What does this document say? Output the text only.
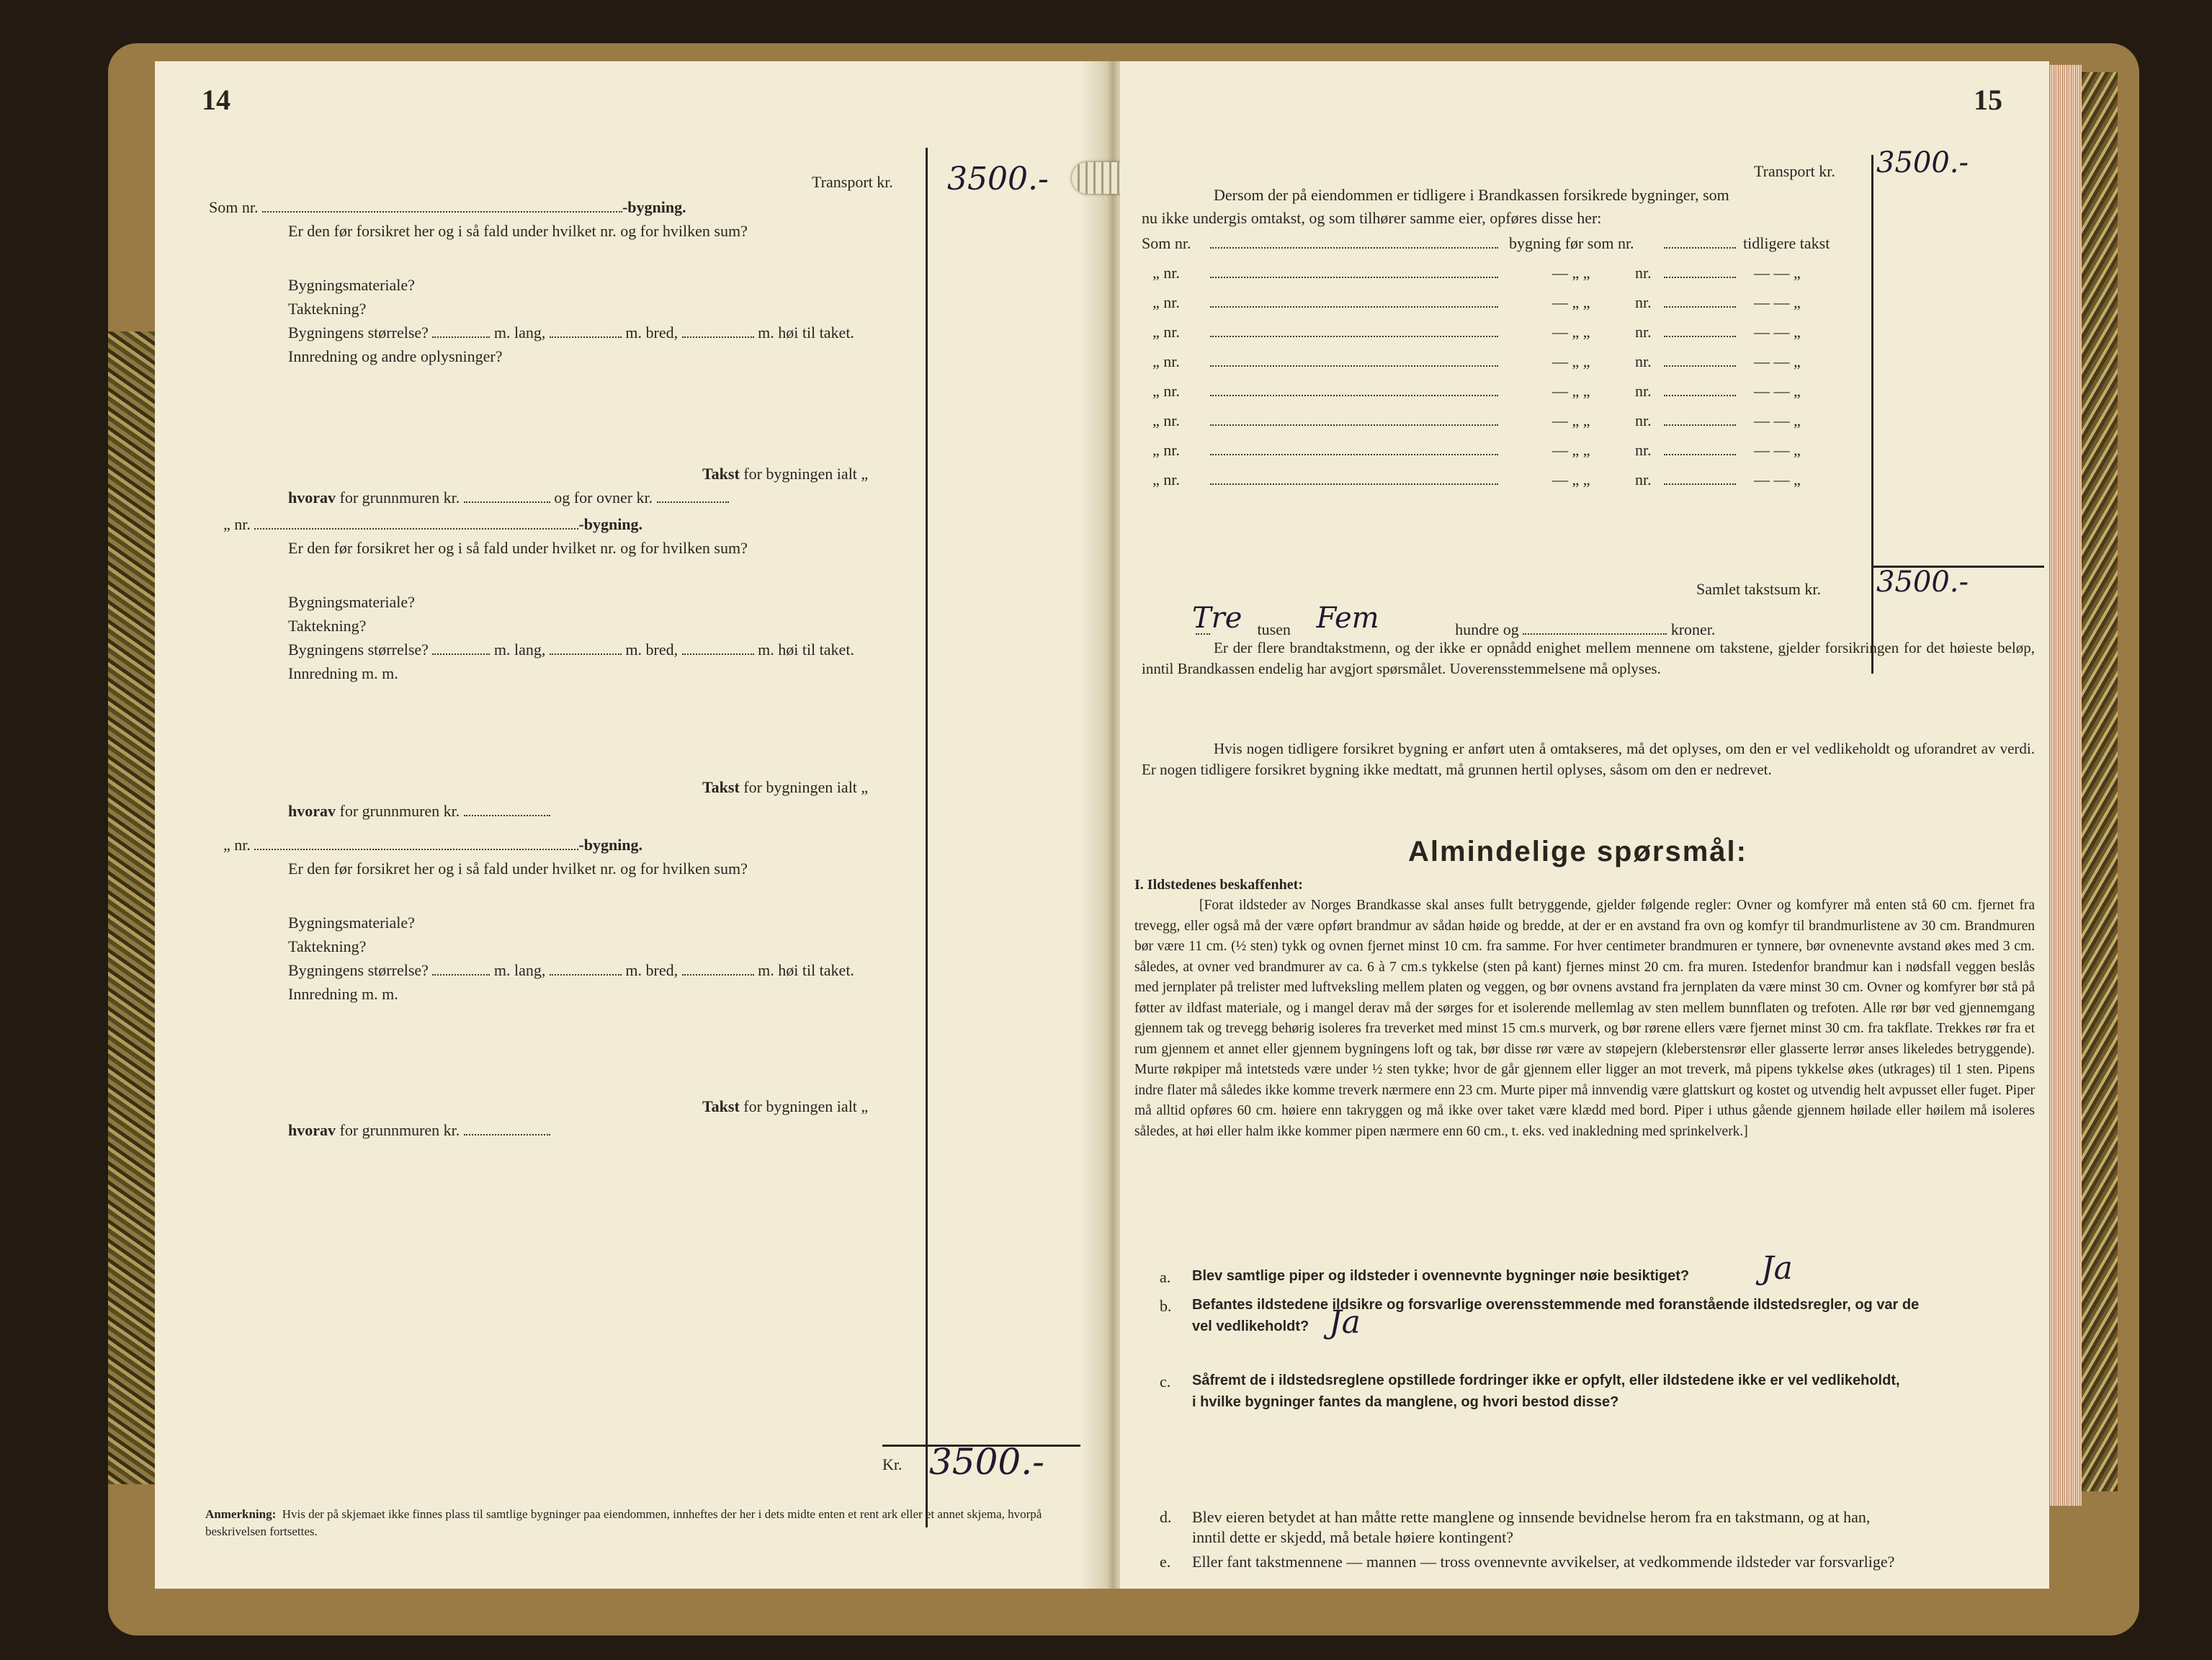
14
Transport kr. 3500.-
Som nr.	-bygning.
Er den før forsikret her og i så fald under hvilket nr. og for hvilken sum?
Bygningsmateriale?
Taktekning?
Bygningens størrelse?	m. lang,	m. bred,	m. høi til taket.
Innredning og andre oplysninger?
Takst for bygningen ialt „
hvorav for grunnmuren kr.	og for ovner kr.
„ nr.	-bygning.
Er den før forsikret her og i så fald under hvilket nr. og for hvilken sum?
Bygningsmateriale?
Taktekning?
Bygningens størrelse?	m. lang,	m. bred,	m. høi til taket.
Innredning m. m.
Takst for bygningen ialt „
hvorav for grunnmuren kr.
„ nr.	-bygning.
Er den før forsikret her og i så fald under hvilket nr. og for hvilken sum?
Bygningsmateriale?
Taktekning?
Bygningens størrelse?	m. lang,	m. bred,	m. høi til taket.
Innredning m. m.
Takst for bygningen ialt „
hvorav for grunnmuren kr.
Kr. 3500.-
Anmerkning: Hvis der på skjemaet ikke finnes plass til samtlige bygninger paa eiendommen, innheftes der her i dets midte enten et rent ark eller et annet skjema, hvorpå beskrivelsen fortsettes.
15
Transport kr. 3500.-
Dersom der på eiendommen er tidligere i Brandkassen forsikrede bygninger, som
nu ikke undergis omtakst, og som tilhører samme eier, opføres disse her:
Som nr.	bygning før som nr.	tidligere takst
„ nr.	— „ „	nr.	— — „
„ nr.	— „ „	nr.	— — „
„ nr.	— „ „	nr.	— — „
„ nr.	— „ „	nr.	— — „
„ nr.	— „ „	nr.	— — „
„ nr.	— „ „	nr.	— — „
„ nr.	— „ „	nr.	— — „
„ nr.	— „ „	nr.	— — „
Samlet takstsum kr. 3500.-
Tre tusen Fem	hundre og	kroner.
Er der flere brandtakstmenn, og der ikke er opnådd enighet mellem mennene om takstene, gjelder forsikringen for det høieste beløp, inntil Brandkassen endelig har avgjort spørsmålet. Uoverensstemmelsene må oplyses.
Hvis nogen tidligere forsikret bygning er anført uten å omtakseres, må det oplyses, om den er vel vedlikeholdt og uforandret av verdi. Er nogen tidligere forsikret bygning ikke medtatt, må grunnen hertil oplyses, såsom om den er nedrevet.
Almindelige spørsmål:
I. Ildstedenes beskaffenhet:
[Forat ildsteder av Norges Brandkasse skal anses fullt betryggende, gjelder følgende regler: Ovner og komfyrer må enten stå 60 cm. fjernet fra trevegg, eller også må der være opført brandmur av sådan høide og bredde, at der er en avstand fra ovn og komfyr til brandmurlistene av 30 cm. Brandmuren bør være 11 cm. (½ sten) tykk og ovnen fjernet minst 10 cm. fra samme. For hver centimeter brandmuren er tynnere, bør ovnenevnte avstand økes med 3 cm. således, at ovner ved brandmurer av ca. 6 à 7 cm.s tykkelse (sten på kant) fjernes minst 20 cm. fra muren. Istedenfor brandmur kan i nødsfall veggen beslås med jernplater på trelister med luftveksling mellem platen og veggen, og bør ovnens avstand fra jernplaten da være minst 30 cm. Ovner og komfyrer bør stå på føtter av ildfast materiale, og i mangel derav må der sørges for et isolerende mellemlag av sten mellem bunnflaten og trefoten. Alle rør bør ved gjennemgang gjennem tak og trevegg behørig isoleres fra treverket med minst 15 cm.s murverk, og bør rørene ellers være fjernet minst 30 cm. fra takflate. Trekkes rør fra et rum gjennem et annet eller gjennem bygningens loft og tak, bør disse rør være av støpejern (kleberstensrør eller glasserte lerrør anses likeledes betryggende). Murte røkpiper må intetsteds være under ½ sten tykke; hvor de går gjennem eller ligger an mot treverk, må pipens tykkelse økes (utkrages) til 1 sten. Pipens indre flater må således ikke komme treverk nærmere enn 23 cm. Murte piper må innvendig være glattskurt og kostet og utvendig helt avpusset eller fuget. Piper må alltid opføres 60 cm. høiere enn takryggen og må ikke over taket være klædd med bord. Piper i uthus gående gjennem høilade eller høilem må isoleres således, at høi eller halm ikke kommer pipen nærmere enn 60 cm., t. eks. ved inakledning med sprinkelverk.]
a. Blev samtlige piper og ildsteder i ovennevnte bygninger nøie besiktiget? Ja
b. Befantes ildstedene ildsikre og forsvarlige overensstemmende med foranstående ildstedsregler, og var de
vel vedlikeholdt? Ja
c. Såfremt de i ildstedsreglene opstillede fordringer ikke er opfylt, eller ildstedene ikke er vel vedlikeholdt,
i hvilke bygninger fantes da manglene, og hvori bestod disse?
d. Blev eieren betydet at han måtte rette manglene og innsende bevidnelse herom fra en takstmann, og at han,
inntil dette er skjedd, må betale høiere kontingent?
e. Eller fant takstmennene — mannen — tross ovennevnte avvikelser, at vedkommende ildsteder var forsvarlige?
